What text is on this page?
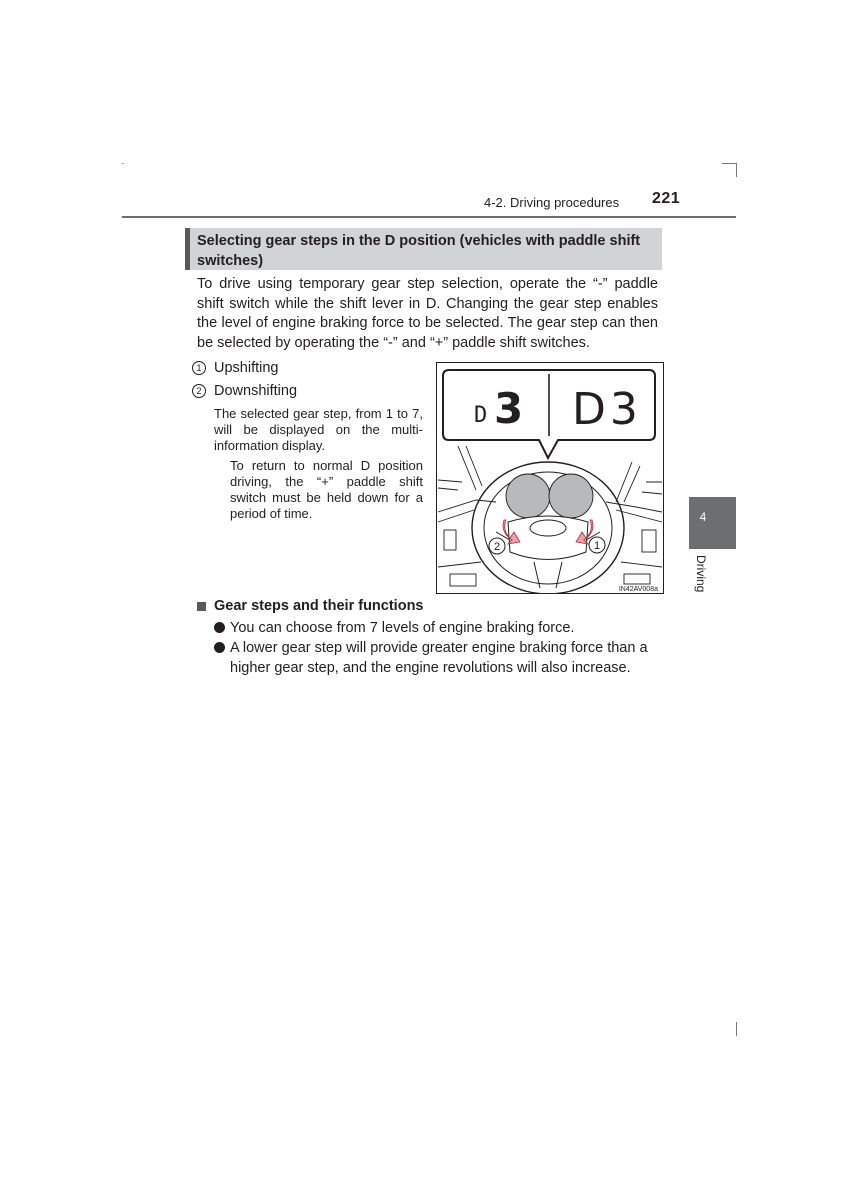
4-2. Driving procedures 221
Selecting gear steps in the D position (vehicles with paddle shift switches)
To drive using temporary gear step selection, operate the “-” paddle shift switch while the shift lever in D. Changing the gear step enables the level of engine braking force to be selected. The gear step can then be selected by operating the “-” and “+” paddle shift switches.
1 Upshifting
2 Downshifting
The selected gear step, from 1 to 7, will be displayed on the multi-information display.
To return to normal D position driving, the “+” paddle shift switch must be held down for a period of time.
2	1
D 3 D3
IN42AV008a
Gear steps and their functions
You can choose from 7 levels of engine braking force.
A lower gear step will provide greater engine braking force than a higher gear step, and the engine revolutions will also increase.
4
Driving
